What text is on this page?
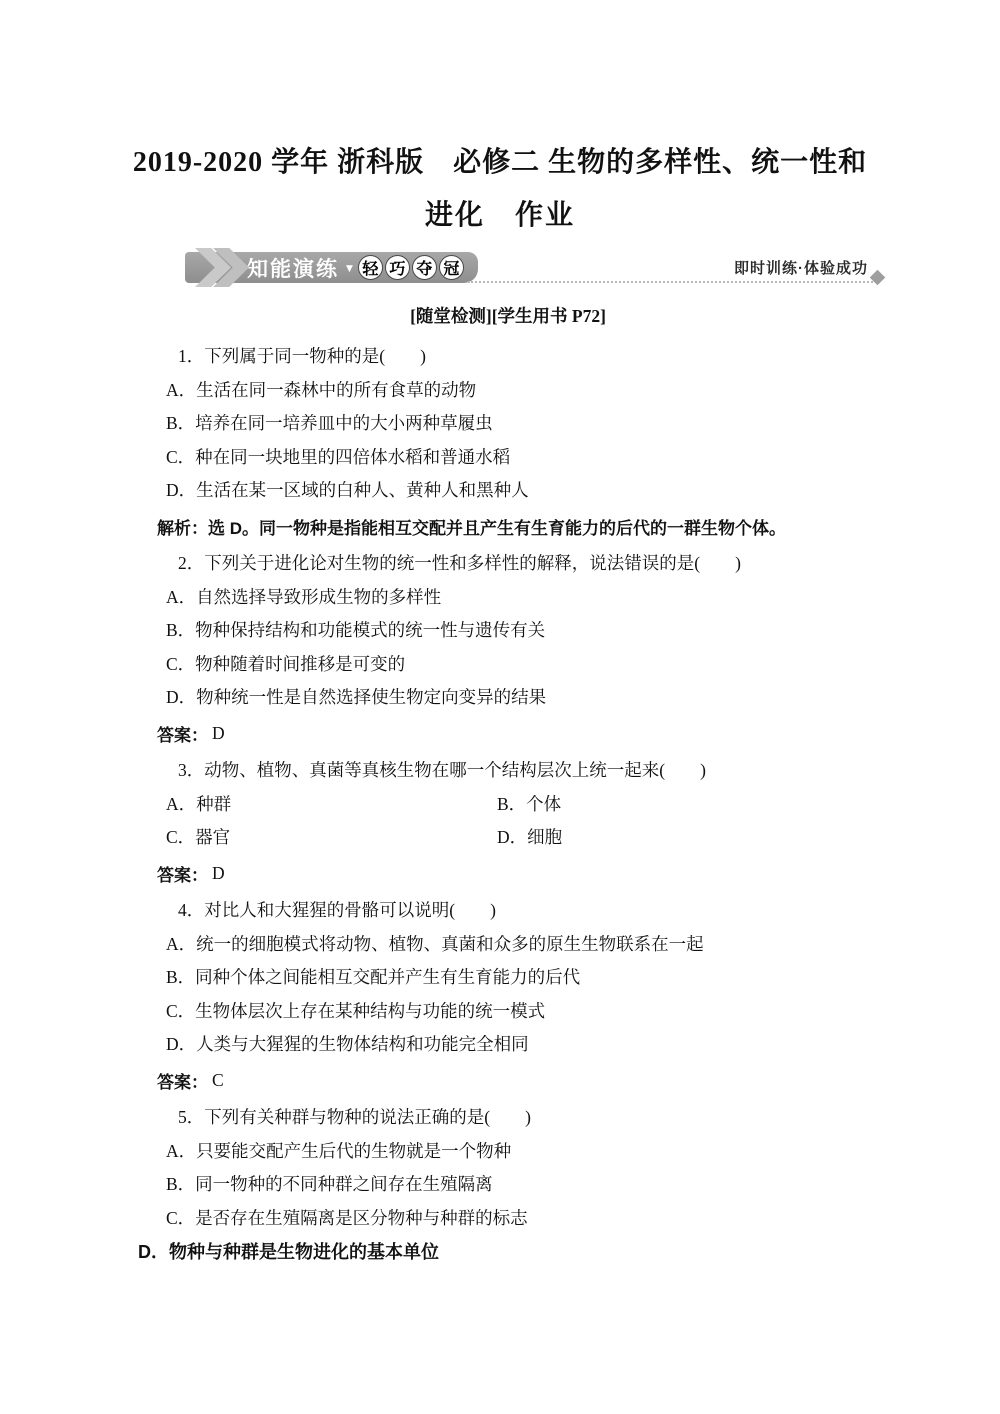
2019-2020 学年 浙科版　必修二 生物的多样性、统一性和
进化　作业
知能演练 ▼ 轻 巧 夺 冠	即时训练·体验成功
[随堂检测][学生用书 P72]
1．下列属于同一物种的是(　　)
A．生活在同一森林中的所有食草的动物
B．培养在同一培养皿中的大小两种草履虫
C．种在同一块地里的四倍体水稻和普通水稻
D．生活在某一区域的白种人、黄种人和黑种人
解析： 选 D。同一物种是指能相互交配并且产生有生育能力的后代的一群生物个体。
2．下列关于进化论对生物的统一性和多样性的解释，说法错误的是(　　)
A．自然选择导致形成生物的多样性
B．物种保持结构和功能模式的统一性与遗传有关
C．物种随着时间推移是可变的
D．物种统一性是自然选择使生物定向变异的结果
答案： D
3．动物、植物、真菌等真核生物在哪一个结构层次上统一起来(　　)
A．种群	B．个体
C．器官	D．细胞
答案： D
4．对比人和大猩猩的骨骼可以说明(　　)
A．统一的细胞模式将动物、植物、真菌和众多的原生生物联系在一起
B．同种个体之间能相互交配并产生有生育能力的后代
C．生物体层次上存在某种结构与功能的统一模式
D．人类与大猩猩的生物体结构和功能完全相同
答案： C
5．下列有关种群与物种的说法正确的是(　　)
A．只要能交配产生后代的生物就是一个物种
B．同一物种的不同种群之间存在生殖隔离
C．是否存在生殖隔离是区分物种与种群的标志
D．物种与种群是生物进化的基本单位
